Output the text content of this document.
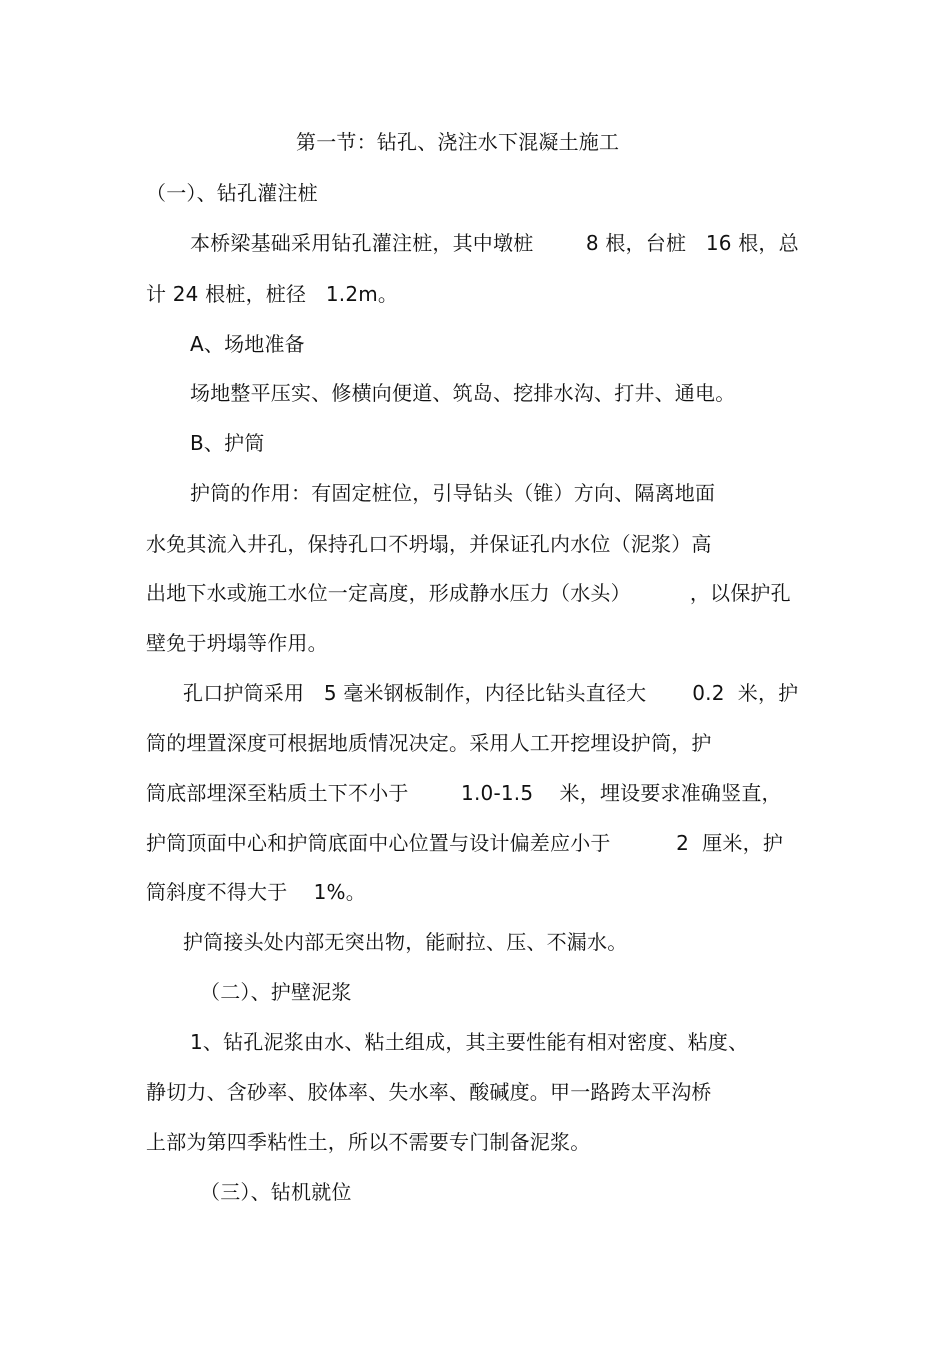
第一节：钻孔、浇注水下混凝土施工
（一）、钻孔灌注桩
本桥梁基础采用钻孔灌注桩，其中墩桩        8 根，台桩   16 根，总
计 24 根桩，桩径   1.2m。
A、场地准备
场地整平压实、修横向便道、筑岛、挖排水沟、打井、通电。
B、护筒
护筒的作用：有固定桩位，引导钻头（锥）方向、隔离地面
水免其流入井孔，保持孔口不坍塌，并保证孔内水位（泥浆）高
出地下水或施工水位一定高度，形成静水压力（水头）         ，以保护孔
壁免于坍塌等作用。
孔口护筒采用   5 毫米钢板制作，内径比钻头直径大       0.2  米，护
筒的埋置深度可根据地质情况决定。采用人工开挖埋设护筒，护
筒底部埋深至粘质土下不小于        1.0-1.5    米，埋设要求准确竖直，
护筒顶面中心和护筒底面中心位置与设计偏差应小于          2  厘米，护
筒斜度不得大于    1%。
护筒接头处内部无突出物，能耐拉、压、不漏水。
（二）、护壁泥浆
1、钻孔泥浆由水、粘土组成，其主要性能有相对密度、粘度、
静切力、含砂率、胶体率、失水率、酸碱度。甲一路跨太平沟桥
上部为第四季粘性土，所以不需要专门制备泥浆。
（三）、钻机就位
